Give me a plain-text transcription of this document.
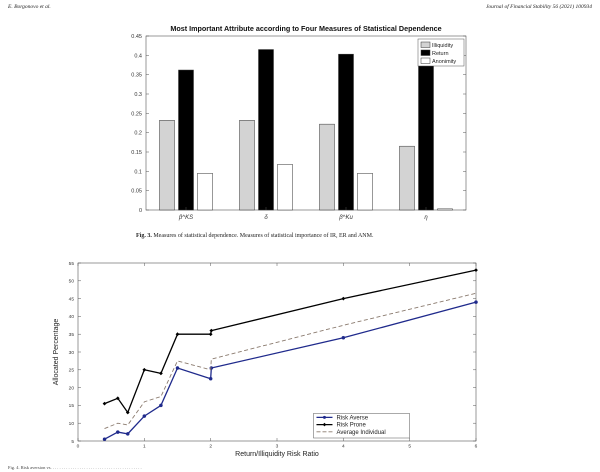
E. Borgonovo et al.	Journal of Financial Stability 56 (2021) 100934
Most Important Attribute according to Four Measures of Statistical Dependence
0
0.05
0.1
0.15
0.2
0.25
0.3
0.35
0.4
0.45
β^KS	δ	β^Ku	η
Illiquidity
Return
Anonimity
Fig. 3. Measures of statistical dependence. Measures of statistical importance of IR, ER and ANM.
5
10
15
20
25
30
35
40
45
50
55
0	1	2	3	4	5	6
Return/Illiquidity Risk Ratio
Allocated Percentage
Risk Averse
Risk Prone
Average Individual
Fig. 4. Risk aversion vs. . . . . . . . . . . . . . . . . . . . . . . . . . . . . . . . . . . . . . . . .
